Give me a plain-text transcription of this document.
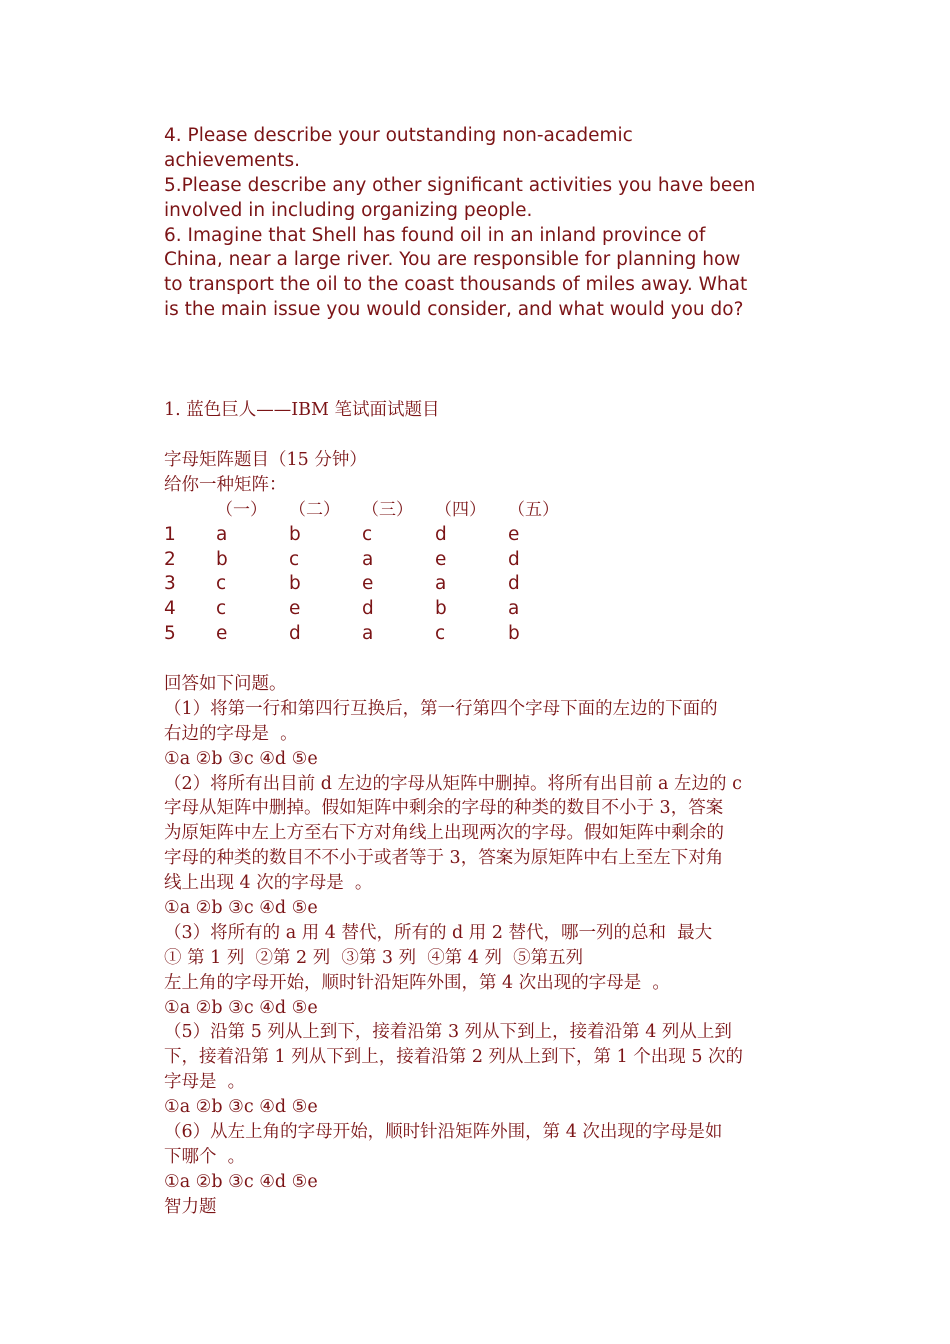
4. Please describe your outstanding non-academic
achievements.
5.Please describe any other significant activities you have been
involved in including organizing people.
6. Imagine that Shell has found oil in an inland province of
China, near a large river. You are responsible for planning how
to transport the oil to the coast thousands of miles away. What
is the main issue you would consider, and what would you do?
1. 蓝色巨人——IBM 笔试面试题目
字母矩阵题目（15 分钟）
给你一种矩阵：
	（一）	（二）	（三）	（四）	（五）
1	a	b	c	d	e
2	b	c	a	e	d
3	c	b	e	a	d
4	c	e	d	b	a
5	e	d	a	c	b
回答如下问题。
（1）将第一行和第四行互换后，第一行第四个字母下面的左边的下面的
右边的字母是  。
①a ②b ③c ④d ⑤e
（2）将所有出目前 d 左边的字母从矩阵中删掉。将所有出目前 a 左边的 c
字母从矩阵中删掉。假如矩阵中剩余的字母的种类的数目不小于 3，答案
为原矩阵中左上方至右下方对角线上出现两次的字母。假如矩阵中剩余的
字母的种类的数目不不小于或者等于 3，答案为原矩阵中右上至左下对角
线上出现 4 次的字母是  。
①a ②b ③c ④d ⑤e
（3）将所有的 a 用 4 替代，所有的 d 用 2 替代，哪一列的总和  最大
① 第 1 列  ②第 2 列  ③第 3 列  ④第 4 列  ⑤第五列
左上角的字母开始，顺时针沿矩阵外围，第 4 次出现的字母是  。
①a ②b ③c ④d ⑤e
（5）沿第 5 列从上到下，接着沿第 3 列从下到上，接着沿第 4 列从上到
下，接着沿第 1 列从下到上，接着沿第 2 列从上到下，第 1 个出现 5 次的
字母是  。
①a ②b ③c ④d ⑤e
（6）从左上角的字母开始，顺时针沿矩阵外围，第 4 次出现的字母是如
下哪个  。
①a ②b ③c ④d ⑤e
智力题
